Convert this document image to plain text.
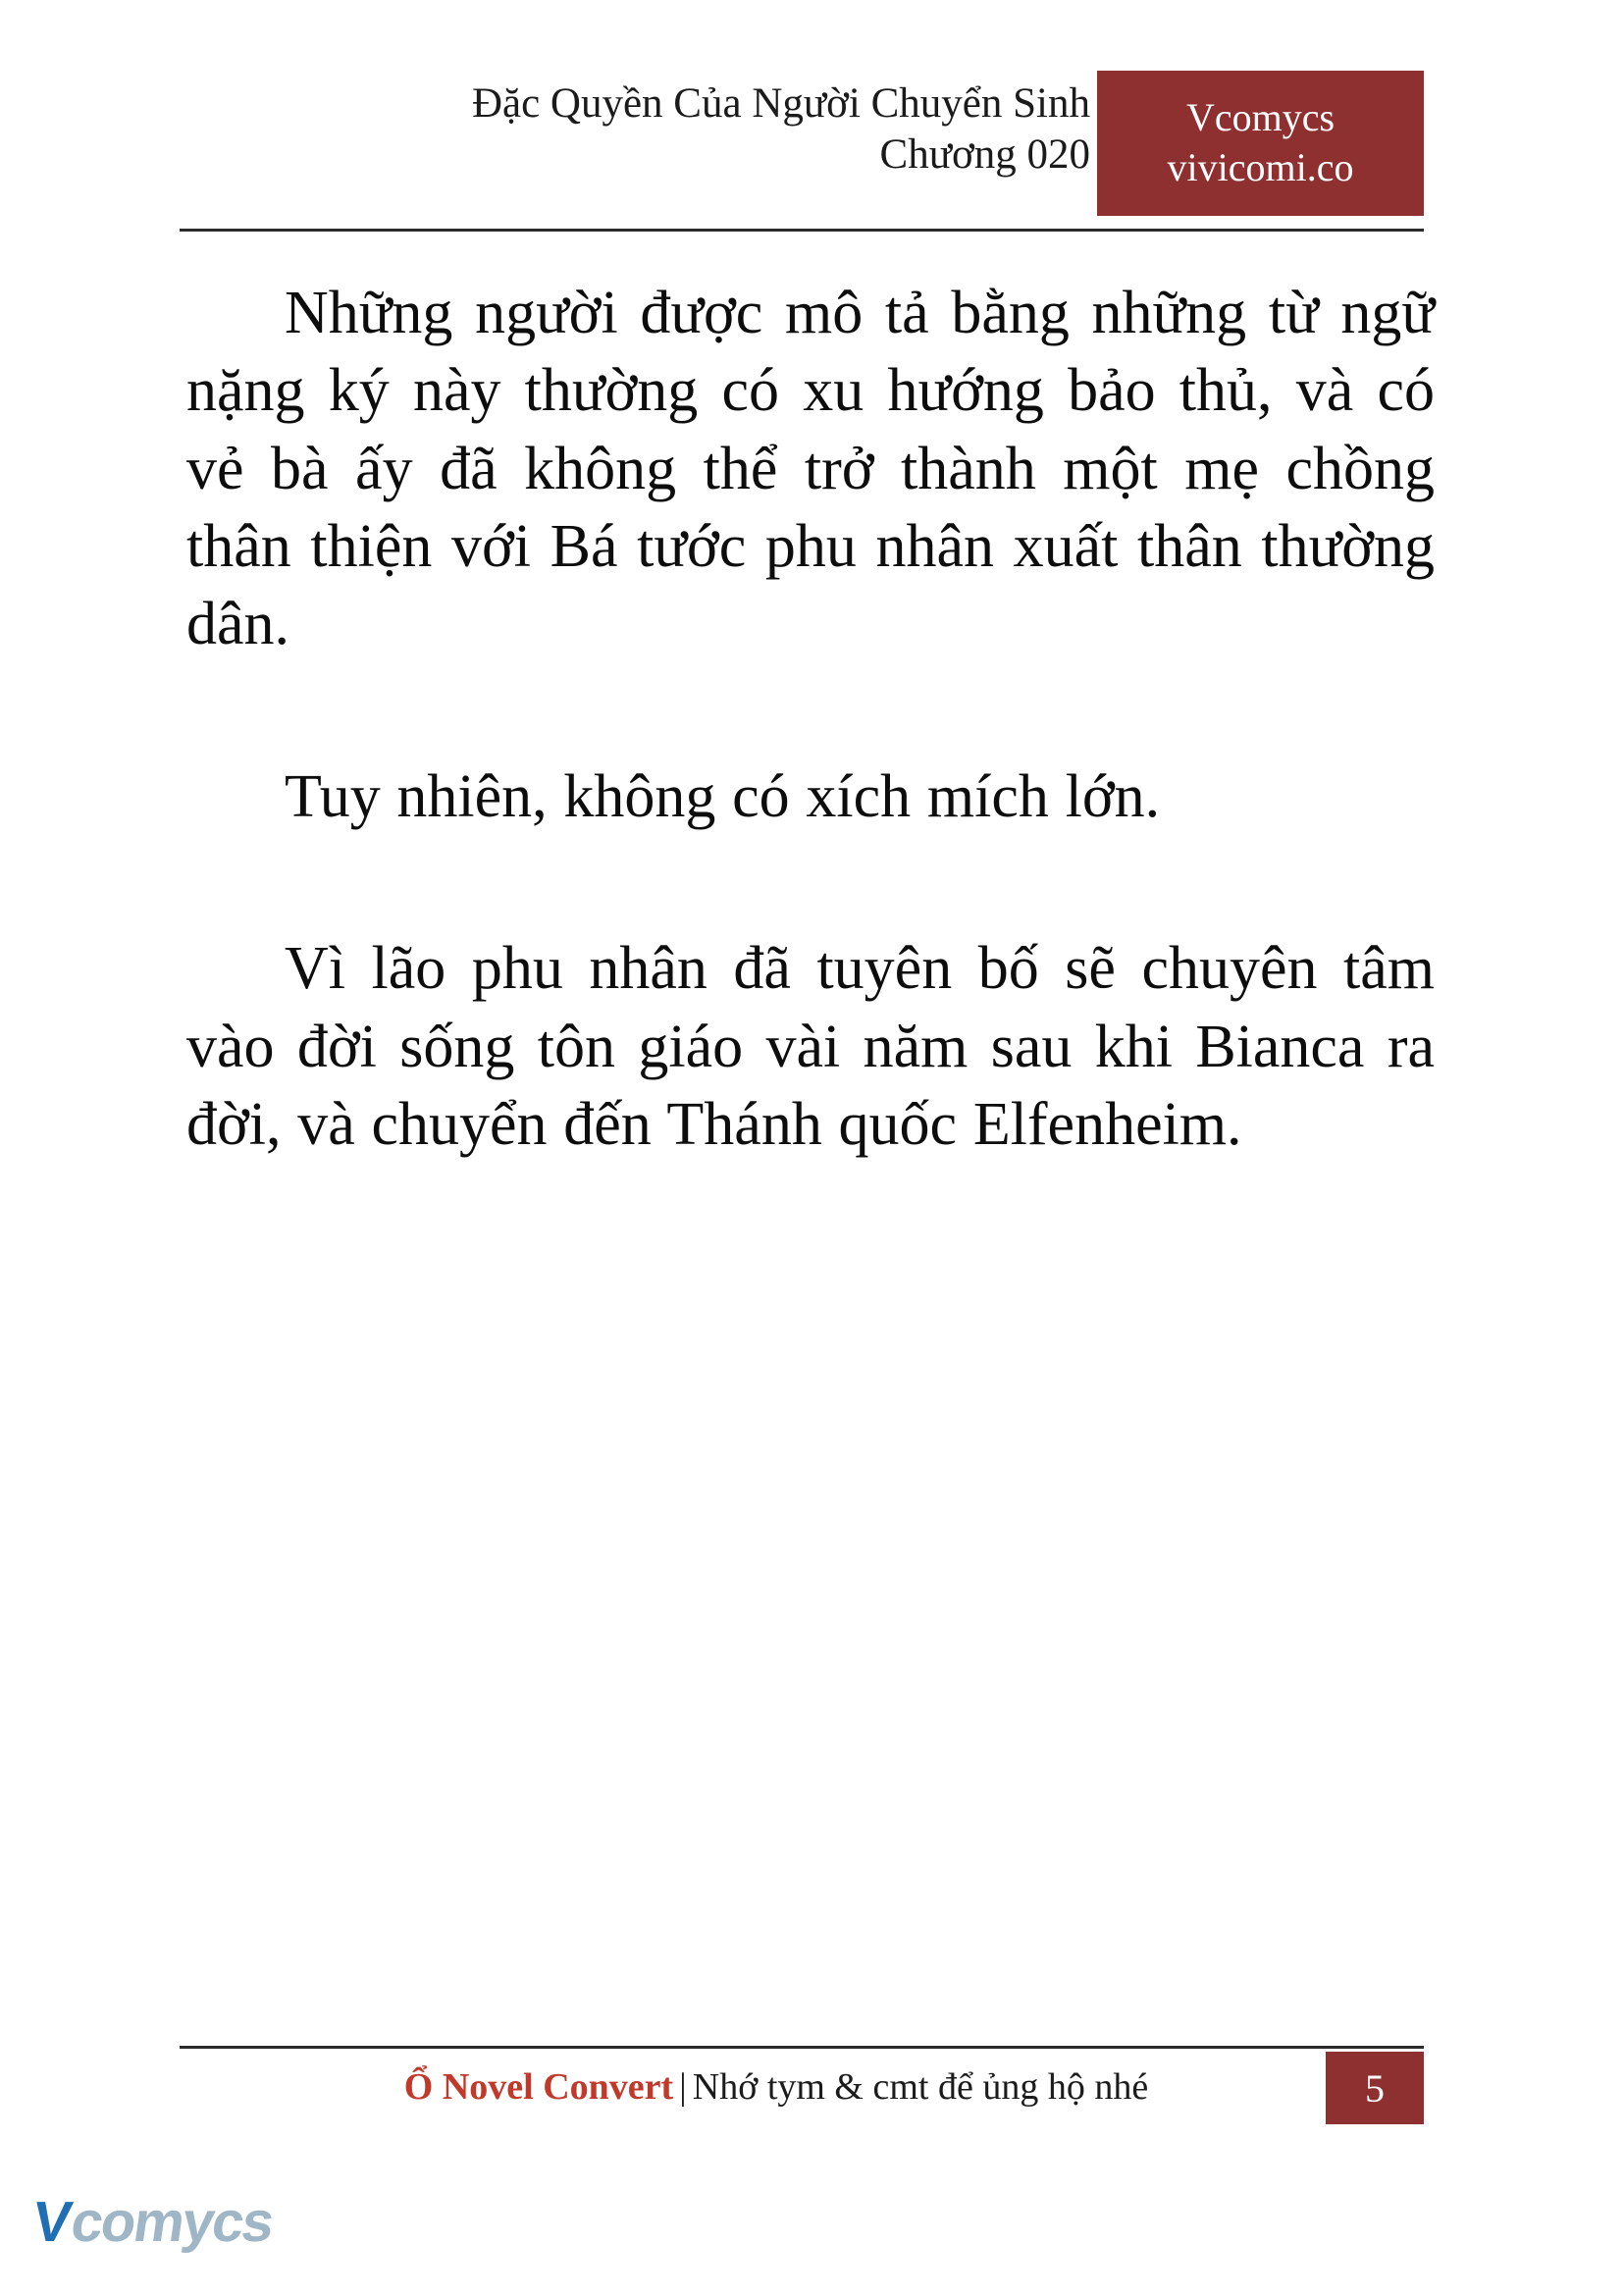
Đặc Quyền Của Người Chuyển Sinh
Chương 020
Vcomycs
vivicomi.co

Những người được mô tả bằng những từ ngữ nặng ký này thường có xu hướng bảo thủ, và có vẻ bà ấy đã không thể trở thành một mẹ chồng thân thiện với Bá tước phu nhân xuất thân thường dân.

Tuy nhiên, không có xích mích lớn.

Vì lão phu nhân đã tuyên bố sẽ chuyên tâm vào đời sống tôn giáo vài năm sau khi Bianca ra đời, và chuyển đến Thánh quốc Elfenheim.

Ổ Novel Convert | Nhớ tym & cmt để ủng hộ nhé	5
V
comycs
